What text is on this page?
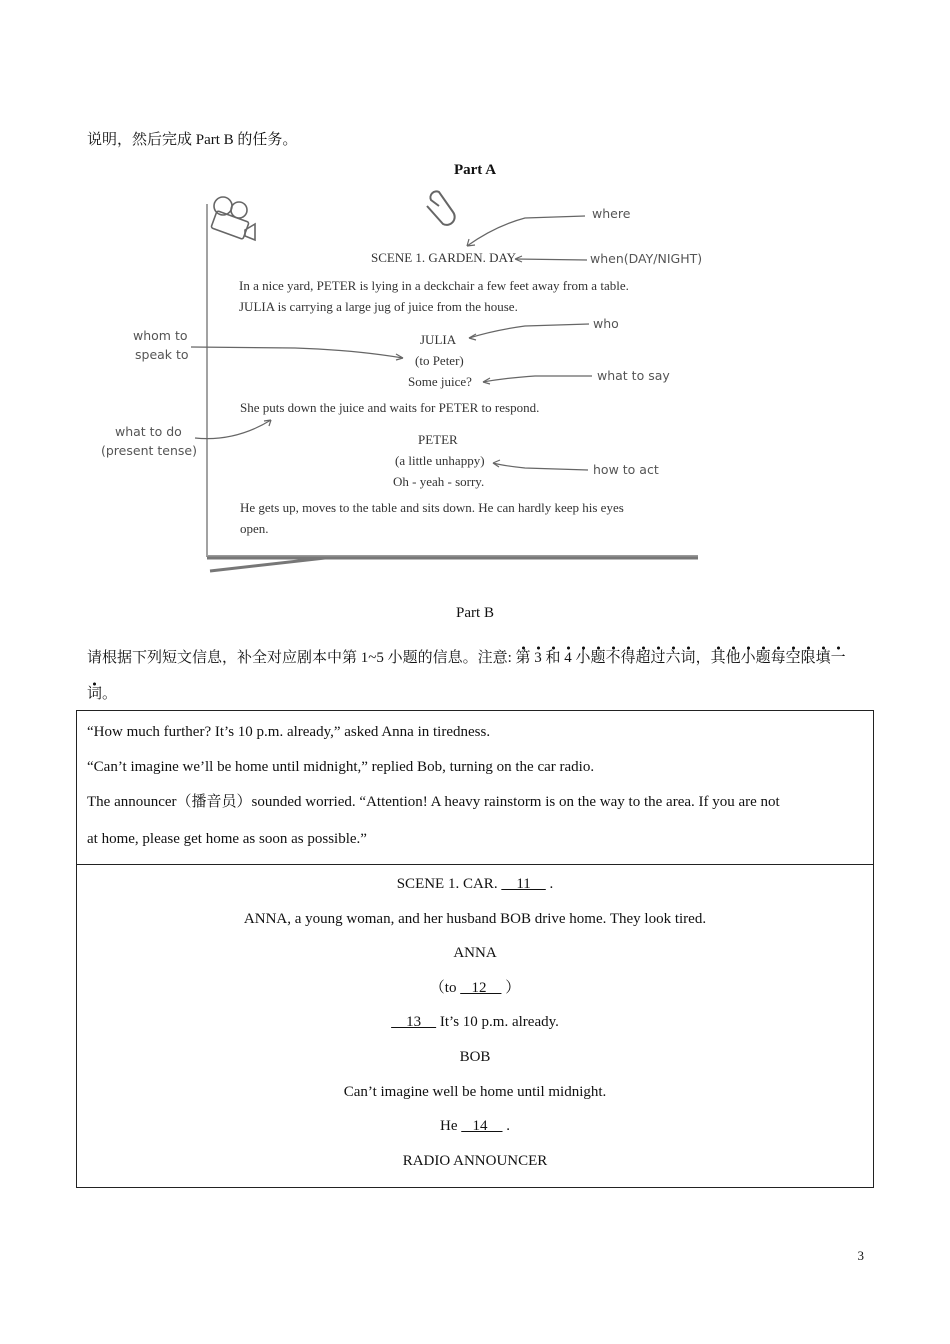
说明，然后完成 Part B 的任务。
Part A
SCENE 1. GARDEN. DAY
In a nice yard, PETER is lying in a deckchair a few feet away from a table.
JULIA is carrying a large jug of juice from the house.
JULIA
(to Peter)
Some juice?
She puts down the juice and waits for PETER to respond.
PETER
(a little unhappy)
Oh - yeah - sorry.
He gets up, moves to the table and sits down. He can hardly keep his eyes
open.
where
when(DAY/NIGHT)
who
what to say
how to act
whom to
speak to
what to do
(present tense)
Part B
请根据下列短文信息，补全对应剧本中第 1~5 小题的信息。注意: 第 3 和 4 小题不得超过六词，其他小题每空限填一词。

“How much further? It’s 10 p.m. already,” asked Anna in tiredness.

“Can’t imagine we’ll be home until midnight,” replied Bob, turning on the car radio.

The announcer（播音员）sounded worried. “Attention! A heavy rainstorm is on the way to the area. If you are not

at home, please get home as soon as possible.”

SCENE 1. CAR.     11     .

ANNA, a young woman, and her husband BOB drive home. They look tired.

ANNA

（to    12     ）

13     It’s 10 p.m. already.

BOB

Can’t imagine well be home until midnight.

He    14     .

RADIO ANNOUNCER

3
